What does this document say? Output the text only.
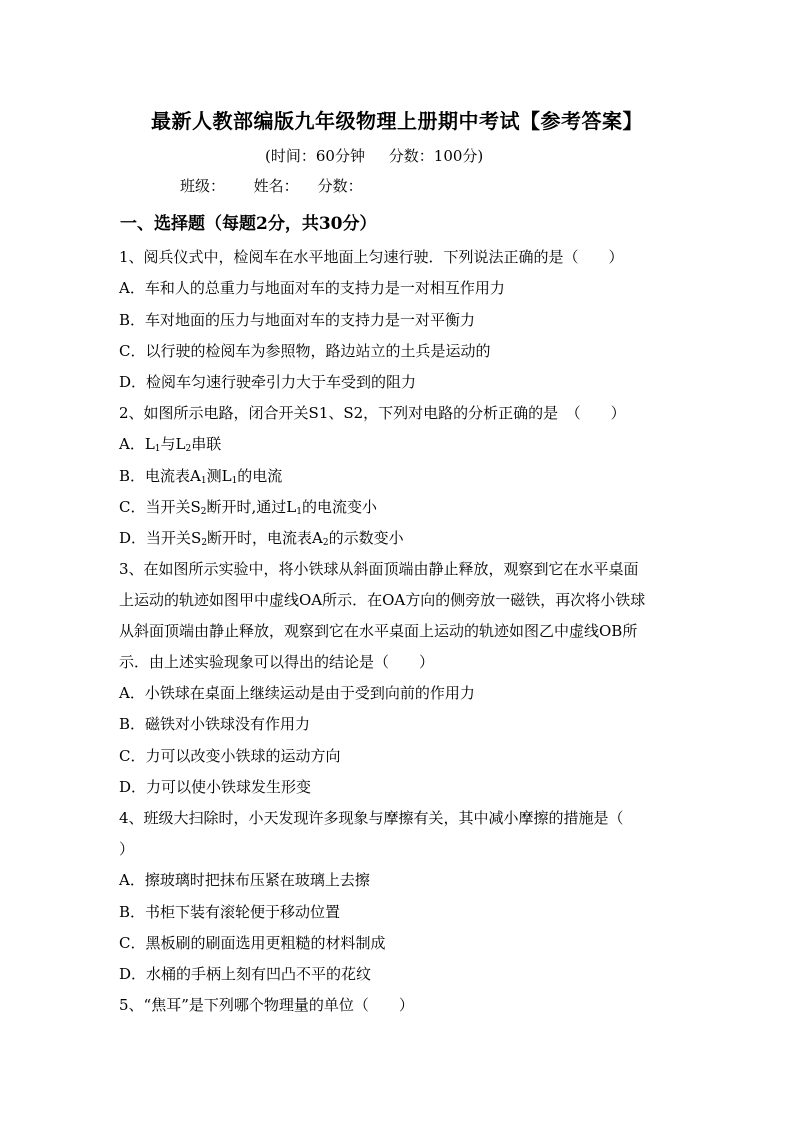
最新人教部编版九年级物理上册期中考试【参考答案】
(时间：60分钟     分数：100分)
班级：      姓名：    分数：
一、选择题（每题2分，共30分）
1、阅兵仪式中，检阅车在水平地面上匀速行驶．下列说法正确的是（　　）
A．车和人的总重力与地面对车的支持力是一对相互作用力
B．车对地面的压力与地面对车的支持力是一对平衡力
C．以行驶的检阅车为参照物，路边站立的土兵是运动的
D．检阅车匀速行驶牵引力大于车受到的阻力
2、如图所示电路，闭合开关S1、S2，下列对电路的分析正确的是　（　　）
A．$L_1$与$L_2$串联
B．电流表$A_1$测$L_1$的电流
C．当开关$S_2$断开时,通过$L_1$的电流变小
D．当开关$S_2$断开时，电流表$A_2$的示数变小
3、在如图所示实验中，将小铁球从斜面顶端由静止释放，观察到它在水平桌面
上运动的轨迹如图甲中虚线OA所示．在OA方向的侧旁放一磁铁，再次将小铁球
从斜面顶端由静止释放，观察到它在水平桌面上运动的轨迹如图乙中虚线OB所
示．由上述实验现象可以得出的结论是（　　）
A．小铁球在桌面上继续运动是由于受到向前的作用力
B．磁铁对小铁球没有作用力
C．力可以改变小铁球的运动方向
D．力可以使小铁球发生形变
4、班级大扫除时，小天发现许多现象与摩擦有关，其中减小摩擦的措施是（
）
A．擦玻璃时把抹布压紧在玻璃上去擦
B．书柜下装有滚轮便于移动位置
C．黑板刷的刷面选用更粗糙的材料制成
D．水桶的手柄上刻有凹凸不平的花纹
5、“焦耳”是下列哪个物理量的单位（　　）
